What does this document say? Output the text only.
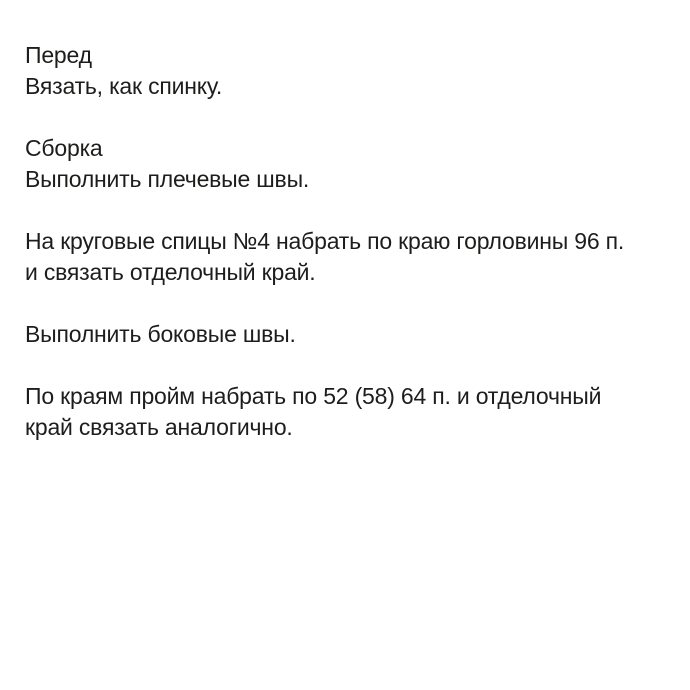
Перед
Вязать, как спинку.

Сборка
Выполнить плечевые швы.

На круговые спицы №4 набрать по краю горловины 96 п.
и связать отделочный край.

Выполнить боковые швы.

По краям пройм набрать по 52 (58) 64 п. и отделочный
край связать аналогично.
